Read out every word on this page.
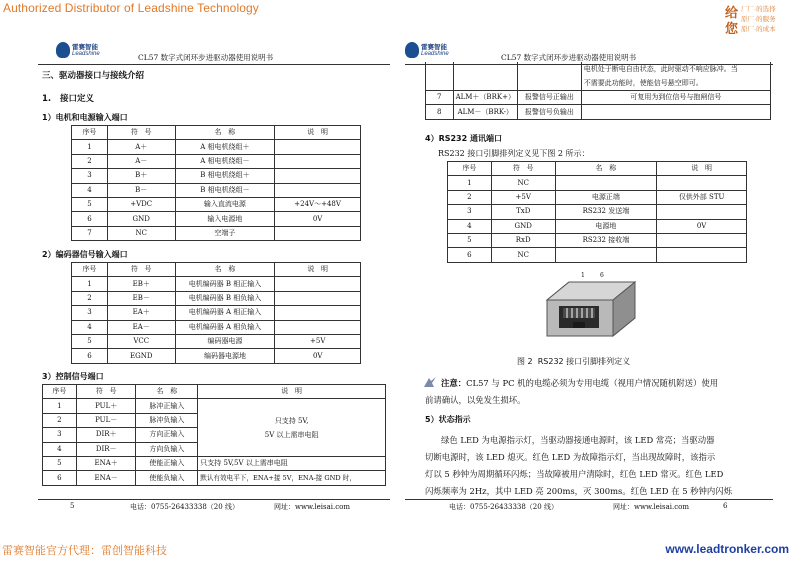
Authorized Distributor of Leadshine Technology	给
您
厂厂·的选择
原厂·的服务
原厂·的成本
雷赛智能
Leadshine	CL57 数字式闭环步进驱动器使用说明书
三、驱动器接口与接线介绍
1.   接口定义
1）电机和电源输入端口
序号	符   号	名   称	说   明
1	A＋	A 相电机绕组＋	
2	A－	A 相电机绕组－	
3	B＋	B 相电机绕组＋	
4	B－	B 相电机绕组－	
5	+VDC	输入直流电源	+24V～+48V
6	GND	输入电源地	0V
7	NC	空端子	
2）编码器信号输入端口
序号	符   号	名   称	说   明
1	EB＋	电机编码器 B 相正输入	
2	EB－	电机编码器 B 相负输入	
3	EA＋	电机编码器 A 相正输入	
4	EA－	电机编码器 A 相负输入	
5	VCC	编码器电源	+5V
6	EGND	编码器电源地	0V
3）控制信号端口
序号	符   号	名   称	说   明
1	PUL＋	脉冲正输入	只支持 5V,
5V 以上需串电阻

2	PUL－	脉冲负输入	
3	DIR＋	方向正输入	
4	DIR－	方向负输入	
5	ENA＋	使能正输入	只支持 5V,5V 以上需串电阻
6	ENA－	使能负输入	默认有效电平下，ENA+接 5V，ENA-接 GND 时，
5	电话：0755-26433338（20 线）	网址：www.leisai.com
雷赛智能
Leadshine	CL57 数字式闭环步进驱动器使用说明书

			电机处于断电自由状态，此时驱动不响应脉冲。当
不需要此功能时，使能信号悬空即可。

7	ALM＋（BRK+）	报警信号正输出	可复用为到位信号与抱闸信号
8	ALM－（BRK-）	报警信号负输出	
4）RS232 通讯端口
RS232 接口引脚排列定义见下图 2 所示：
序号	符   号	名   称	说   明
1	NC		
2	+5V	电源正端	仅供外部 STU
3	TxD	RS232 发送端	
4	GND	电源地	0V
5	RxD	RS232 接收端	
6	NC		
1	6
图 2  RS232 接口引脚排列定义
注意：CL57 与 PC 机的电缆必须为专用电缆（视用户情况随机附送）使用
前请确认，以免发生损坏。
5）状态指示
绿色 LED 为电源指示灯，当驱动器接通电源时，该 LED 常亮；当驱动器
切断电源时，该 LED 熄灭。红色 LED 为故障指示灯，当出现故障时，该指示
灯以 5 秒钟为周期循环闪烁；当故障被用户清除时，红色 LED 常灭。红色 LED
闪烁频率为 2Hz，其中 LED 亮 200ms，灭 300ms。红色 LED 在 5 秒钟内闪烁
电话：0755-26433338（20 线）	网址：www.leisai.com	6
雷赛智能官方代理：雷创智能科技	www.leadtronker.com
